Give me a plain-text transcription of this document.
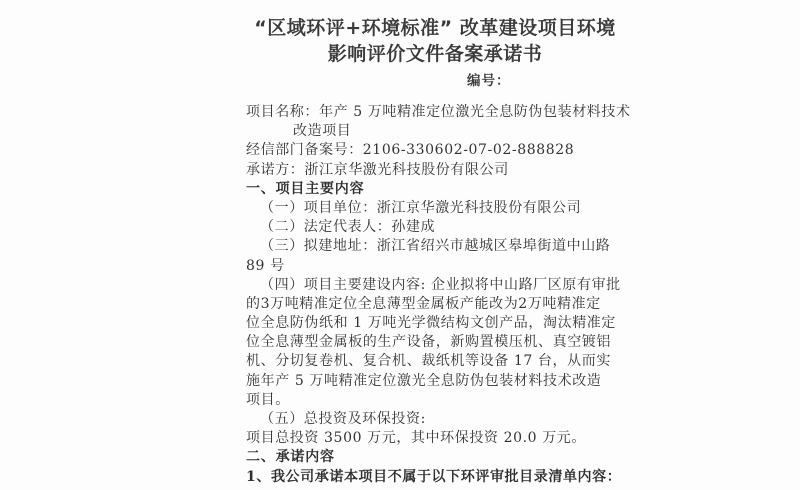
“区域环评+环境标准” 改革建设项目环境
影响评价文件备案承诺书
编号：
项目名称：年产 5 万吨精准定位激光全息防伪包装材料技术
改造项目
经信部门备案号：2106-330602-07-02-888828
承诺方：浙江京华激光科技股份有限公司
一、项目主要内容
（一）项目单位：浙江京华激光科技股份有限公司
（二）法定代表人：孙建成
（三）拟建地址：浙江省绍兴市越城区皋埠街道中山路
89 号
（四）项目主要建设内容: 企业拟将中山路厂区原有审批
的3万吨精准定位全息薄型金属板产能改为2万吨精准定
位全息防伪纸和 1 万吨光学微结构文创产品，淘汰精准定
位全息薄型金属板的生产设备，新购置模压机、真空镀铝
机、分切复卷机、复合机、裁纸机等设备 17 台，从而实
施年产 5 万吨精准定位激光全息防伪包装材料技术改造
项目。
（五）总投资及环保投资:
项目总投资 3500 万元，其中环保投资 20.0 万元。
二、承诺内容
1、我公司承诺本项目不属于以下环评审批目录清单内容：
